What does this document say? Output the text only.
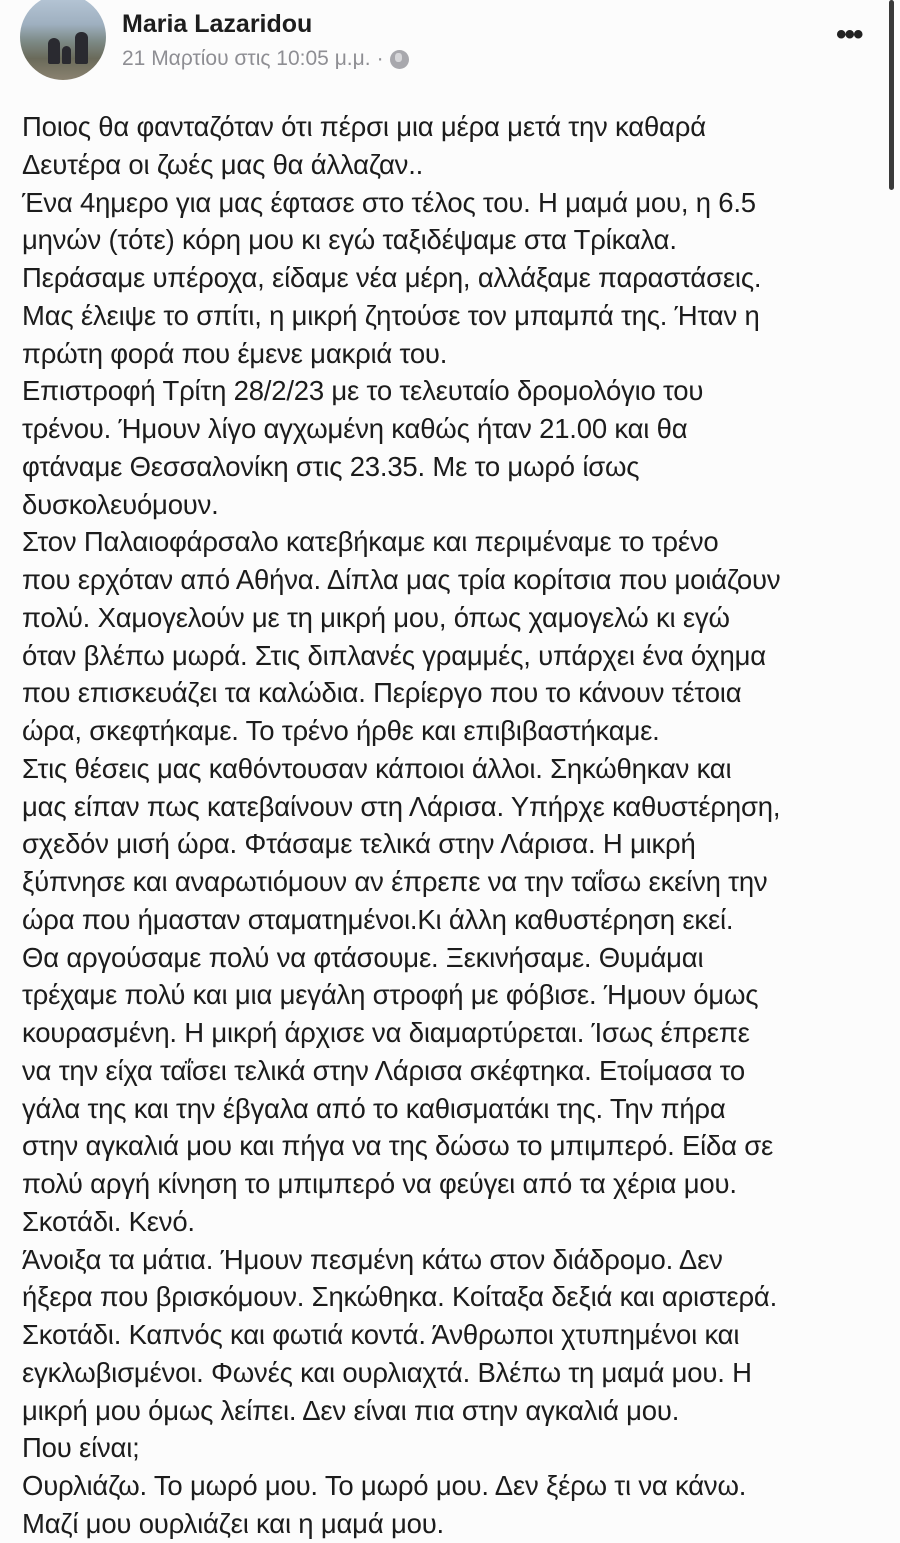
Maria Lazaridou
21 Μαρτίου στις 10:05 μ.μ. ·
•••
Ποιος θα φανταζόταν ότι πέρσι μια μέρα μετά την καθαρά
Δευτέρα οι ζωές μας θα άλλαζαν..
Ένα 4ημερο για μας έφτασε στο τέλος του. Η μαμά μου, η 6.5
μηνών (τότε) κόρη μου κι εγώ ταξιδέψαμε στα Τρίκαλα.
Περάσαμε υπέροχα, είδαμε νέα μέρη, αλλάξαμε παραστάσεις.
Μας έλειψε το σπίτι, η μικρή ζητούσε τον μπαμπά της. Ήταν η
πρώτη φορά που έμενε μακριά του.
Επιστροφή Τρίτη 28/2/23 με το τελευταίο δρομολόγιο του
τρένου. Ήμουν λίγο αγχωμένη καθώς ήταν 21.00 και θα
φτάναμε Θεσσαλονίκη στις 23.35. Με το μωρό ίσως
δυσκολευόμουν.
Στον Παλαιοφάρσαλο κατεβήκαμε και περιμέναμε το τρένο
που ερχόταν από Αθήνα. Δίπλα μας τρία κορίτσια που μοιάζουν
πολύ. Χαμογελούν με τη μικρή μου, όπως χαμογελώ κι εγώ
όταν βλέπω μωρά. Στις διπλανές γραμμές, υπάρχει ένα όχημα
που επισκευάζει τα καλώδια. Περίεργο που το κάνουν τέτοια
ώρα, σκεφτήκαμε. Το τρένο ήρθε και επιβιβαστήκαμε.
Στις θέσεις μας καθόντουσαν κάποιοι άλλοι. Σηκώθηκαν και
μας είπαν πως κατεβαίνουν στη Λάρισα. Υπήρχε καθυστέρηση,
σχεδόν μισή ώρα. Φτάσαμε τελικά στην Λάρισα. Η μικρή
ξύπνησε και αναρωτιόμουν αν έπρεπε να την ταΐσω εκείνη την
ώρα που ήμασταν σταματημένοι.Κι άλλη καθυστέρηση εκεί.
Θα αργούσαμε πολύ να φτάσουμε. Ξεκινήσαμε. Θυμάμαι
τρέχαμε πολύ και μια μεγάλη στροφή με φόβισε. Ήμουν όμως
κουρασμένη. Η μικρή άρχισε να διαμαρτύρεται. Ίσως έπρεπε
να την είχα ταΐσει τελικά στην Λάρισα σκέφτηκα. Ετοίμασα το
γάλα της και την έβγαλα από το καθισματάκι της. Την πήρα
στην αγκαλιά μου και πήγα να της δώσω το μπιμπερό. Είδα σε
πολύ αργή κίνηση το μπιμπερό να φεύγει από τα χέρια μου.
Σκοτάδι. Κενό.
Άνοιξα τα μάτια. Ήμουν πεσμένη κάτω στον διάδρομο. Δεν
ήξερα που βρισκόμουν. Σηκώθηκα. Κοίταξα δεξιά και αριστερά.
Σκοτάδι. Καπνός και φωτιά κοντά. Άνθρωποι χτυπημένοι και
εγκλωβισμένοι. Φωνές και ουρλιαχτά. Βλέπω τη μαμά μου. Η
μικρή μου όμως λείπει. Δεν είναι πια στην αγκαλιά μου.
Που είναι;
Ουρλιάζω. Το μωρό μου. Το μωρό μου. Δεν ξέρω τι να κάνω.
Μαζί μου ουρλιάζει και η μαμά μου.
